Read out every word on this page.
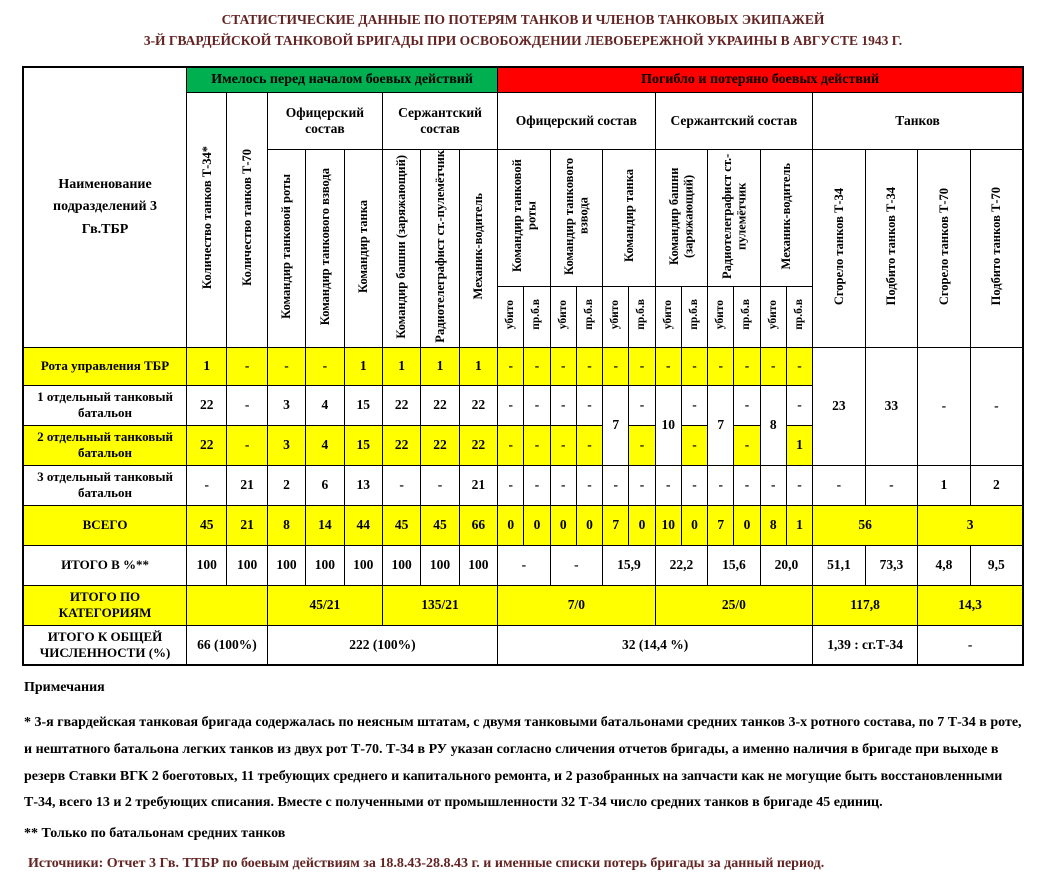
СТАТИСТИЧЕСКИЕ ДАННЫЕ ПО ПОТЕРЯМ ТАНКОВ И ЧЛЕНОВ ТАНКОВЫХ ЭКИПАЖЕЙ
3-Й ГВАРДЕЙСКОЙ ТАНКОВОЙ БРИГАДЫ ПРИ ОСВОБОЖДЕНИИ ЛЕВОБЕРЕЖНОЙ УКРАИНЫ В АВГУСТЕ 1943 Г.
Наименование подразделений 3 Гв.ТБР	Имелось перед началом боевых действий								Погибло и потеряно боевых действий															
	Количество танков Т-34*	Количество танков Т-70	Офицерский состав			Сержантский состав			Офицерский состав						Сержантский состав						Танков			
			Командир танковой роты	Командир танкового взвода	Командир танка	Командир башни (заряжающий)	Радиотелеграфист ст.-пулемётчик	Механик-водитель	Командир танковой роты		Командир танкового взвода		Командир танка		Командир башни (заряжающий)		Радиотелеграфист ст.-пулемётчик		Механик-водитель		Сгорело танков Т-34	Подбито танков Т-34	Сгорело танков Т-70	Подбито танков Т-70
									убито	пр.б.в	убито	пр.б.в	убито	пр.б.в	убито	пр.б.в	убито	пр.б.в	убито	пр.б.в				
Рота управления ТБР	1	-	-	-	1	1	1	1	-	-	-	-	-	-	-	-	-	-	-	-	23	33	-	-
1 отдельный танковый батальон	22	-	3	4	15	22	22	22	-	-	-	-	7	-	10	-	7	-	8	-				
2 отдельный танковый батальон	22	-	3	4	15	22	22	22	-	-	-	-		-		-		-		1				
3 отдельный танковый батальон	-	21	2	6	13	-	-	21	-	-	-	-	-	-	-	-	-	-	-	-	-	-	1	2
ВСЕГО	45	21	8	14	44	45	45	66	0	0	0	0	7	0	10	0	7	0	8	1	56		3	
ИТОГО В %**	100	100	100	100	100	100	100	100	-		-		15,9		22,2		15,6		20,0		51,1	73,3	4,8	9,5
ИТОГО ПО КАТЕГОРИЯМ			45/21			135/21			7/0						25/0						117,8		14,3	
ИТОГО К ОБЩЕЙ ЧИСЛЕННОСТИ (%)	66 (100%)		222 (100%)						32 (14,4 %)												1,39 : сг.Т-34		-	

Примечания

* 3-я гвардейская танковая бригада содержалась по неясным штатам, с двумя танковыми батальонами средних танков 3-х ротного состава, по 7 Т-34 в роте, и нештатного батальона легких танков из двух рот Т-70. Т-34 в РУ указан согласно сличения отчетов бригады, а именно наличия в бригаде при выходе в резерв Ставки ВГК 2 боеготовых, 11 требующих среднего и капитального ремонта, и 2 разобранных на запчасти как не могущие быть восстановленными Т-34, всего 13 и 2 требующих списания. Вместе с полученными от промышленности 32 Т-34 число средних танков в бригаде 45 единиц.

** Только по батальонам средних танков

Источники: Отчет 3 Гв. ТТБР по боевым действиям за 18.8.43-28.8.43 г. и именные списки потерь бригады за данный период.
